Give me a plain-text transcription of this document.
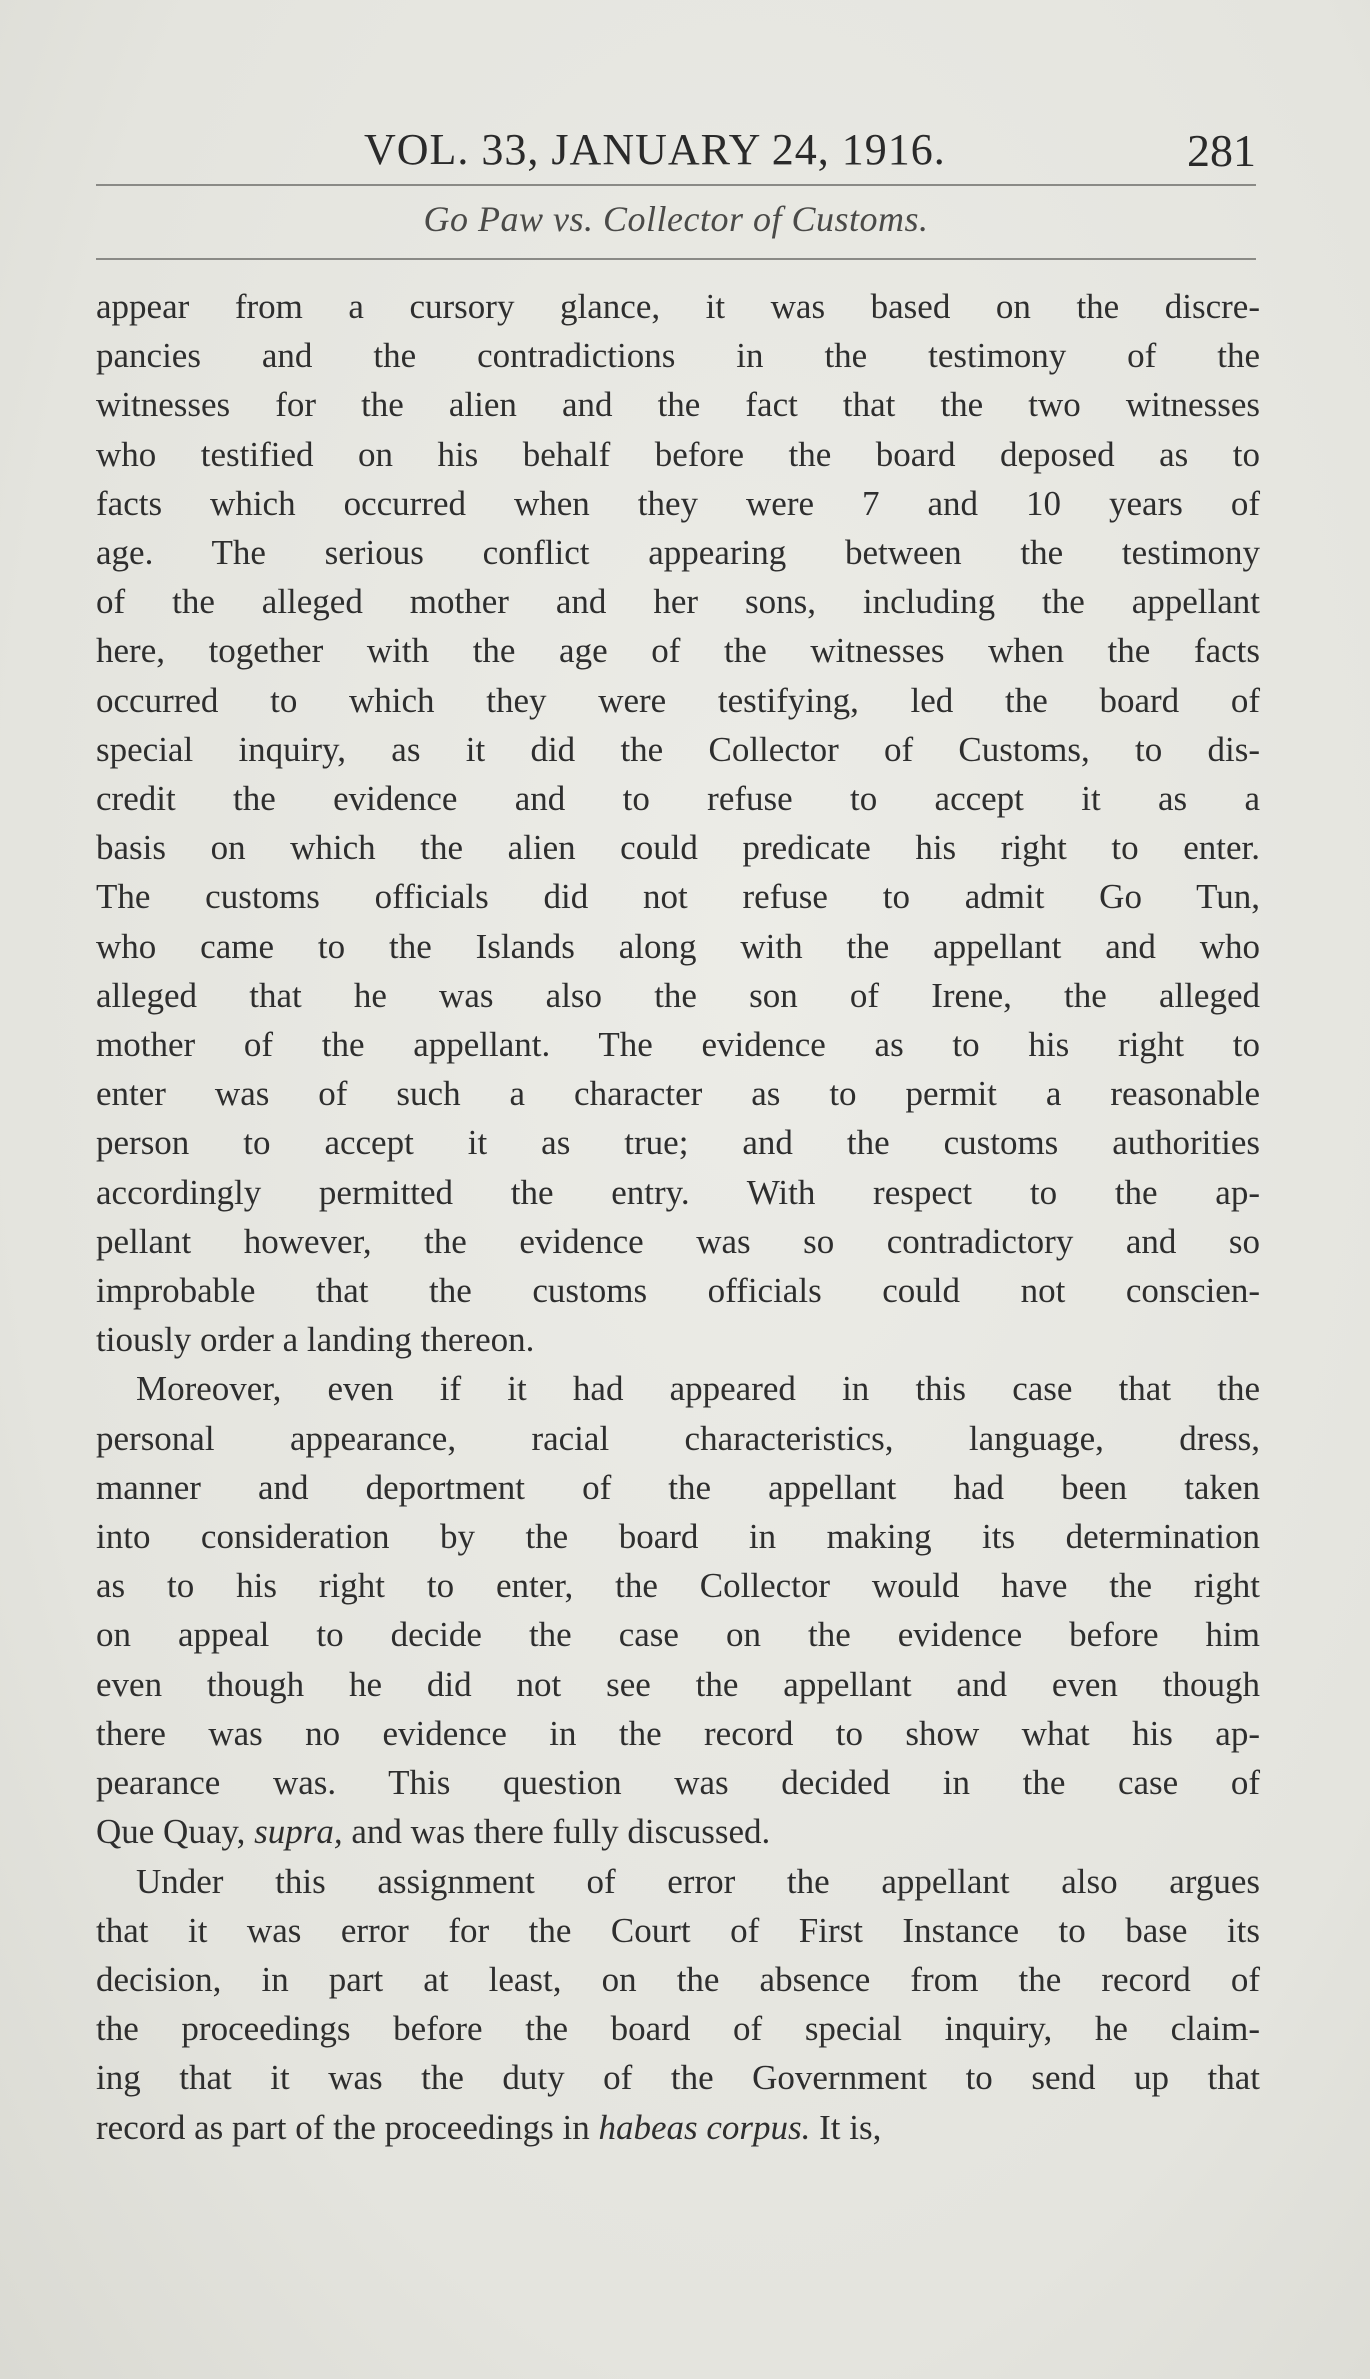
VOL. 33, JANUARY 24, 1916.	281
Go Paw vs. Collector of Customs.
appear from a cursory glance, it was based on the discre-
pancies and the contradictions in the testimony of the
witnesses for the alien and the fact that the two witnesses
who testified on his behalf before the board deposed as to
facts which occurred when they were 7 and 10 years of
age. The serious conflict appearing between the testimony
of the alleged mother and her sons, including the appellant
here, together with the age of the witnesses when the facts
occurred to which they were testifying, led the board of
special inquiry, as it did the Collector of Customs, to dis-
credit the evidence and to refuse to accept it as a
basis on which the alien could predicate his right to enter.
The customs officials did not refuse to admit Go Tun,
who came to the Islands along with the appellant and who
alleged that he was also the son of Irene, the alleged
mother of the appellant. The evidence as to his right to
enter was of such a character as to permit a reasonable
person to accept it as true; and the customs authorities
accordingly permitted the entry. With respect to the ap-
pellant however, the evidence was so contradictory and so
improbable that the customs officials could not conscien-
tiously order a landing thereon.
Moreover, even if it had appeared in this case that the
personal appearance, racial characteristics, language, dress,
manner and deportment of the appellant had been taken
into consideration by the board in making its determination
as to his right to enter, the Collector would have the right
on appeal to decide the case on the evidence before him
even though he did not see the appellant and even though
there was no evidence in the record to show what his ap-
pearance was. This question was decided in the case of
Que Quay, supra, and was there fully discussed.
Under this assignment of error the appellant also argues
that it was error for the Court of First Instance to base its
decision, in part at least, on the absence from the record of
the proceedings before the board of special inquiry, he claim-
ing that it was the duty of the Government to send up that
record as part of the proceedings in habeas corpus. It is,
